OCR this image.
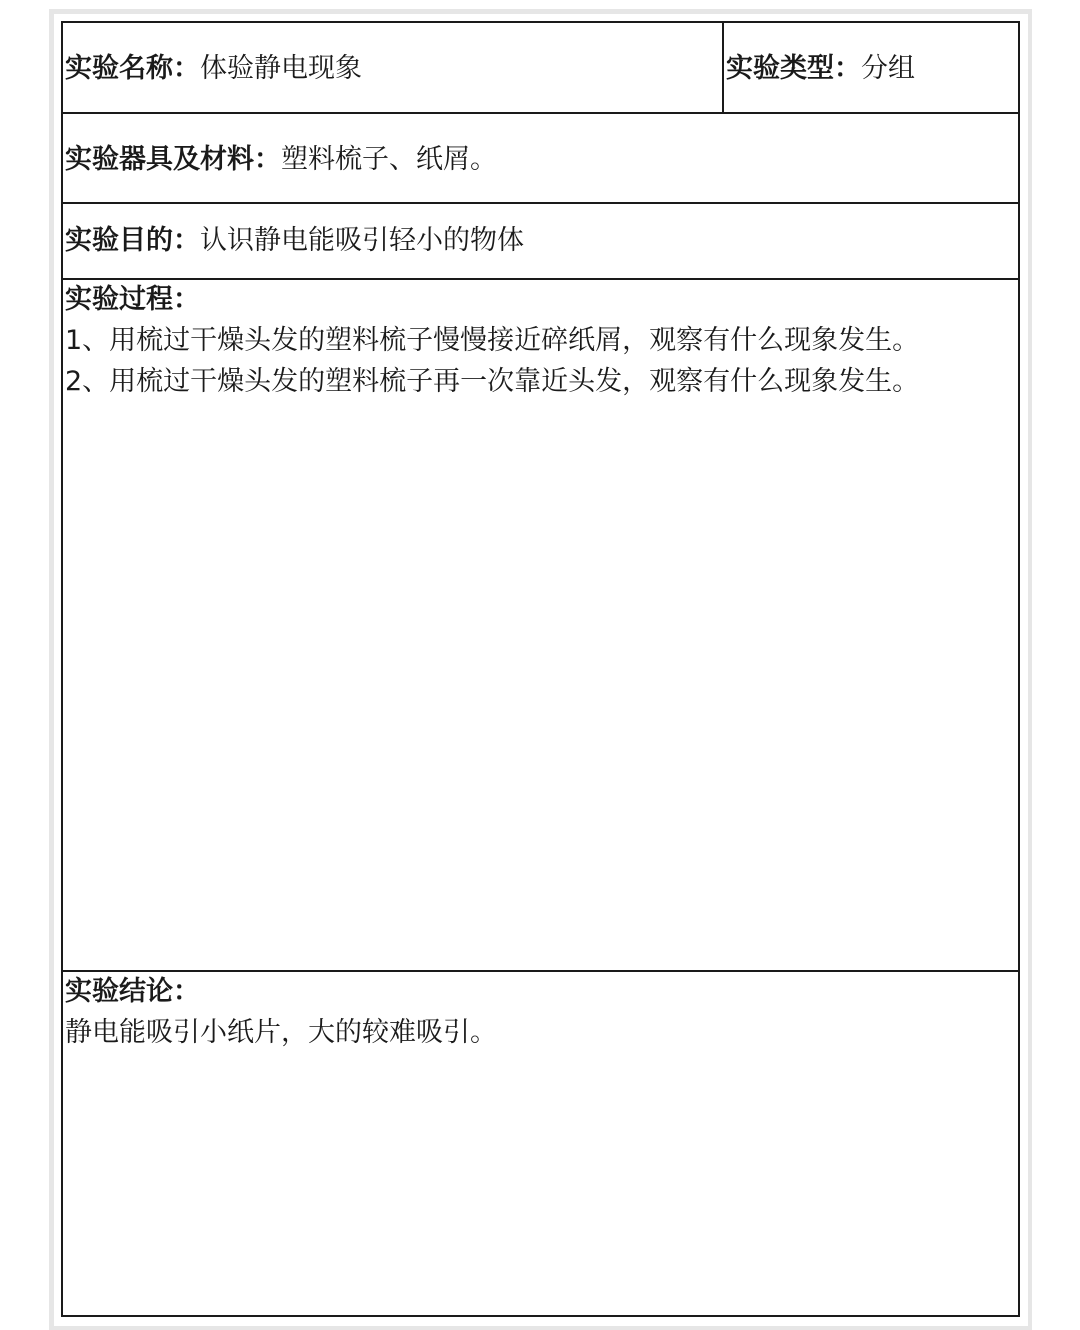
实验名称：体验静电现象	实验类型：分组
实验器具及材料：塑料梳子、纸屑。
实验目的：认识静电能吸引轻小的物体
实验过程：
1、用梳过干燥头发的塑料梳子慢慢接近碎纸屑，观察有什么现象发生。
2、用梳过干燥头发的塑料梳子再一次靠近头发，观察有什么现象发生。
实验结论：
静电能吸引小纸片，大的较难吸引。
